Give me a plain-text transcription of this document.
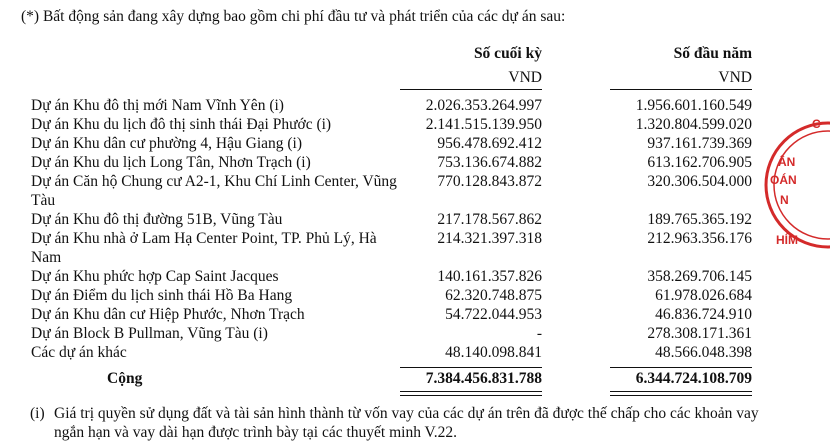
(*) Bất động sản đang xây dựng bao gồm chi phí đầu tư và phát triển của các dự án sau:
Số cuối kỳ	Số đầu năm
VND	VND
Dự án Khu đô thị mới Nam Vĩnh Yên (i)	2.026.353.264.997	1.956.601.160.549
Dự án Khu du lịch đô thị sinh thái Đại Phước (i)	2.141.515.139.950	1.320.804.599.020
Dự án Khu dân cư phường 4, Hậu Giang (i)	956.478.692.412	937.161.739.369
Dự án Khu du lịch Long Tân, Nhơn Trạch (i)	753.136.674.882	613.162.706.905
Dự án Căn hộ Chung cư A2-1, Khu Chí Linh Center, Vũng Tàu
770.128.843.872	320.306.504.000
Dự án Khu đô thị đường 51B, Vũng Tàu	217.178.567.862	189.765.365.192
Dự án Khu nhà ở Lam Hạ Center Point, TP. Phủ Lý, Hà Nam
214.321.397.318	212.963.356.176
Dự án Khu phức hợp Cap Saint Jacques	140.161.357.826	358.269.706.145
Dự án Điểm du lịch sinh thái Hồ Ba Hang	62.320.748.875	61.978.026.684
Dự án Khu dân cư Hiệp Phước, Nhơn Trạch	54.722.044.953	46.836.724.910
Dự án Block B Pullman, Vũng Tàu (i)	-	278.308.171.361
Các dự án khác	48.140.098.841	48.566.048.398
Cộng	7.384.456.831.788	6.344.724.108.709
(i) Giá trị quyền sử dụng đất và tài sản hình thành từ vốn vay của các dự án trên đã được thế chấp cho các khoản vay ngắn hạn và vay dài hạn được trình bày tại các thuyết minh V.22.
C
ÂN
OÁN
N
HÍM
